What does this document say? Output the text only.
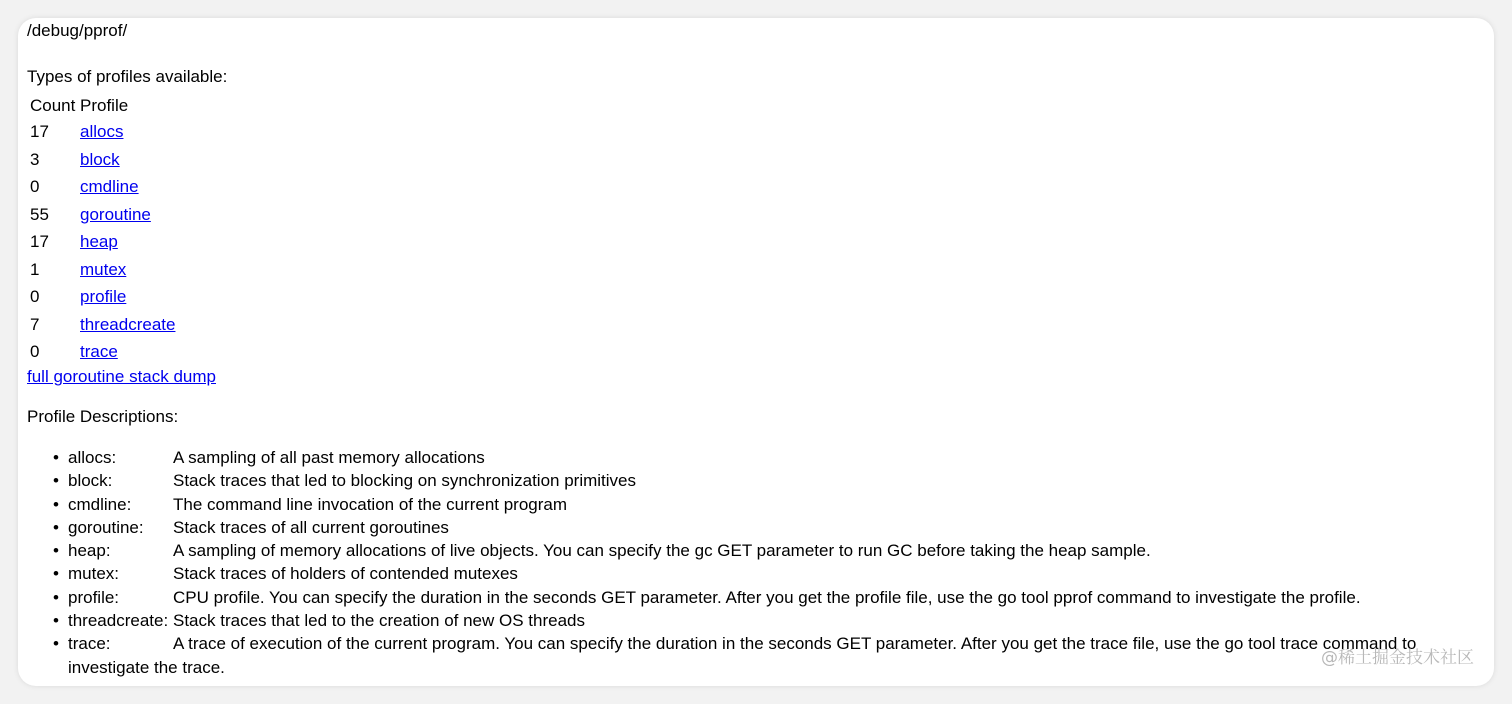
/debug/pprof/
Types of profiles available:
Count	Profile
17	allocs
3	block
0	cmdline
55	goroutine
17	heap
1	mutex
0	profile
7	threadcreate
0	trace
full goroutine stack dump
Profile Descriptions:
• allocs:	A sampling of all past memory allocations
• block:	Stack traces that led to blocking on synchronization primitives
• cmdline: The command line invocation of the current program
• goroutine: Stack traces of all current goroutines
• heap:	A sampling of memory allocations of live objects. You can specify the gc GET parameter to run GC before taking the heap sample.
• mutex:	Stack traces of holders of contended mutexes
• profile:	CPU profile. You can specify the duration in the seconds GET parameter. After you get the profile file, use the go tool pprof command to investigate the profile.
• threadcreate: Stack traces that led to the creation of new OS threads
• trace:	A trace of execution of the current program. You can specify the duration in the seconds GET parameter. After you get the trace file, use the go tool trace command to investigate the trace.	@稀土掘金技术社区
